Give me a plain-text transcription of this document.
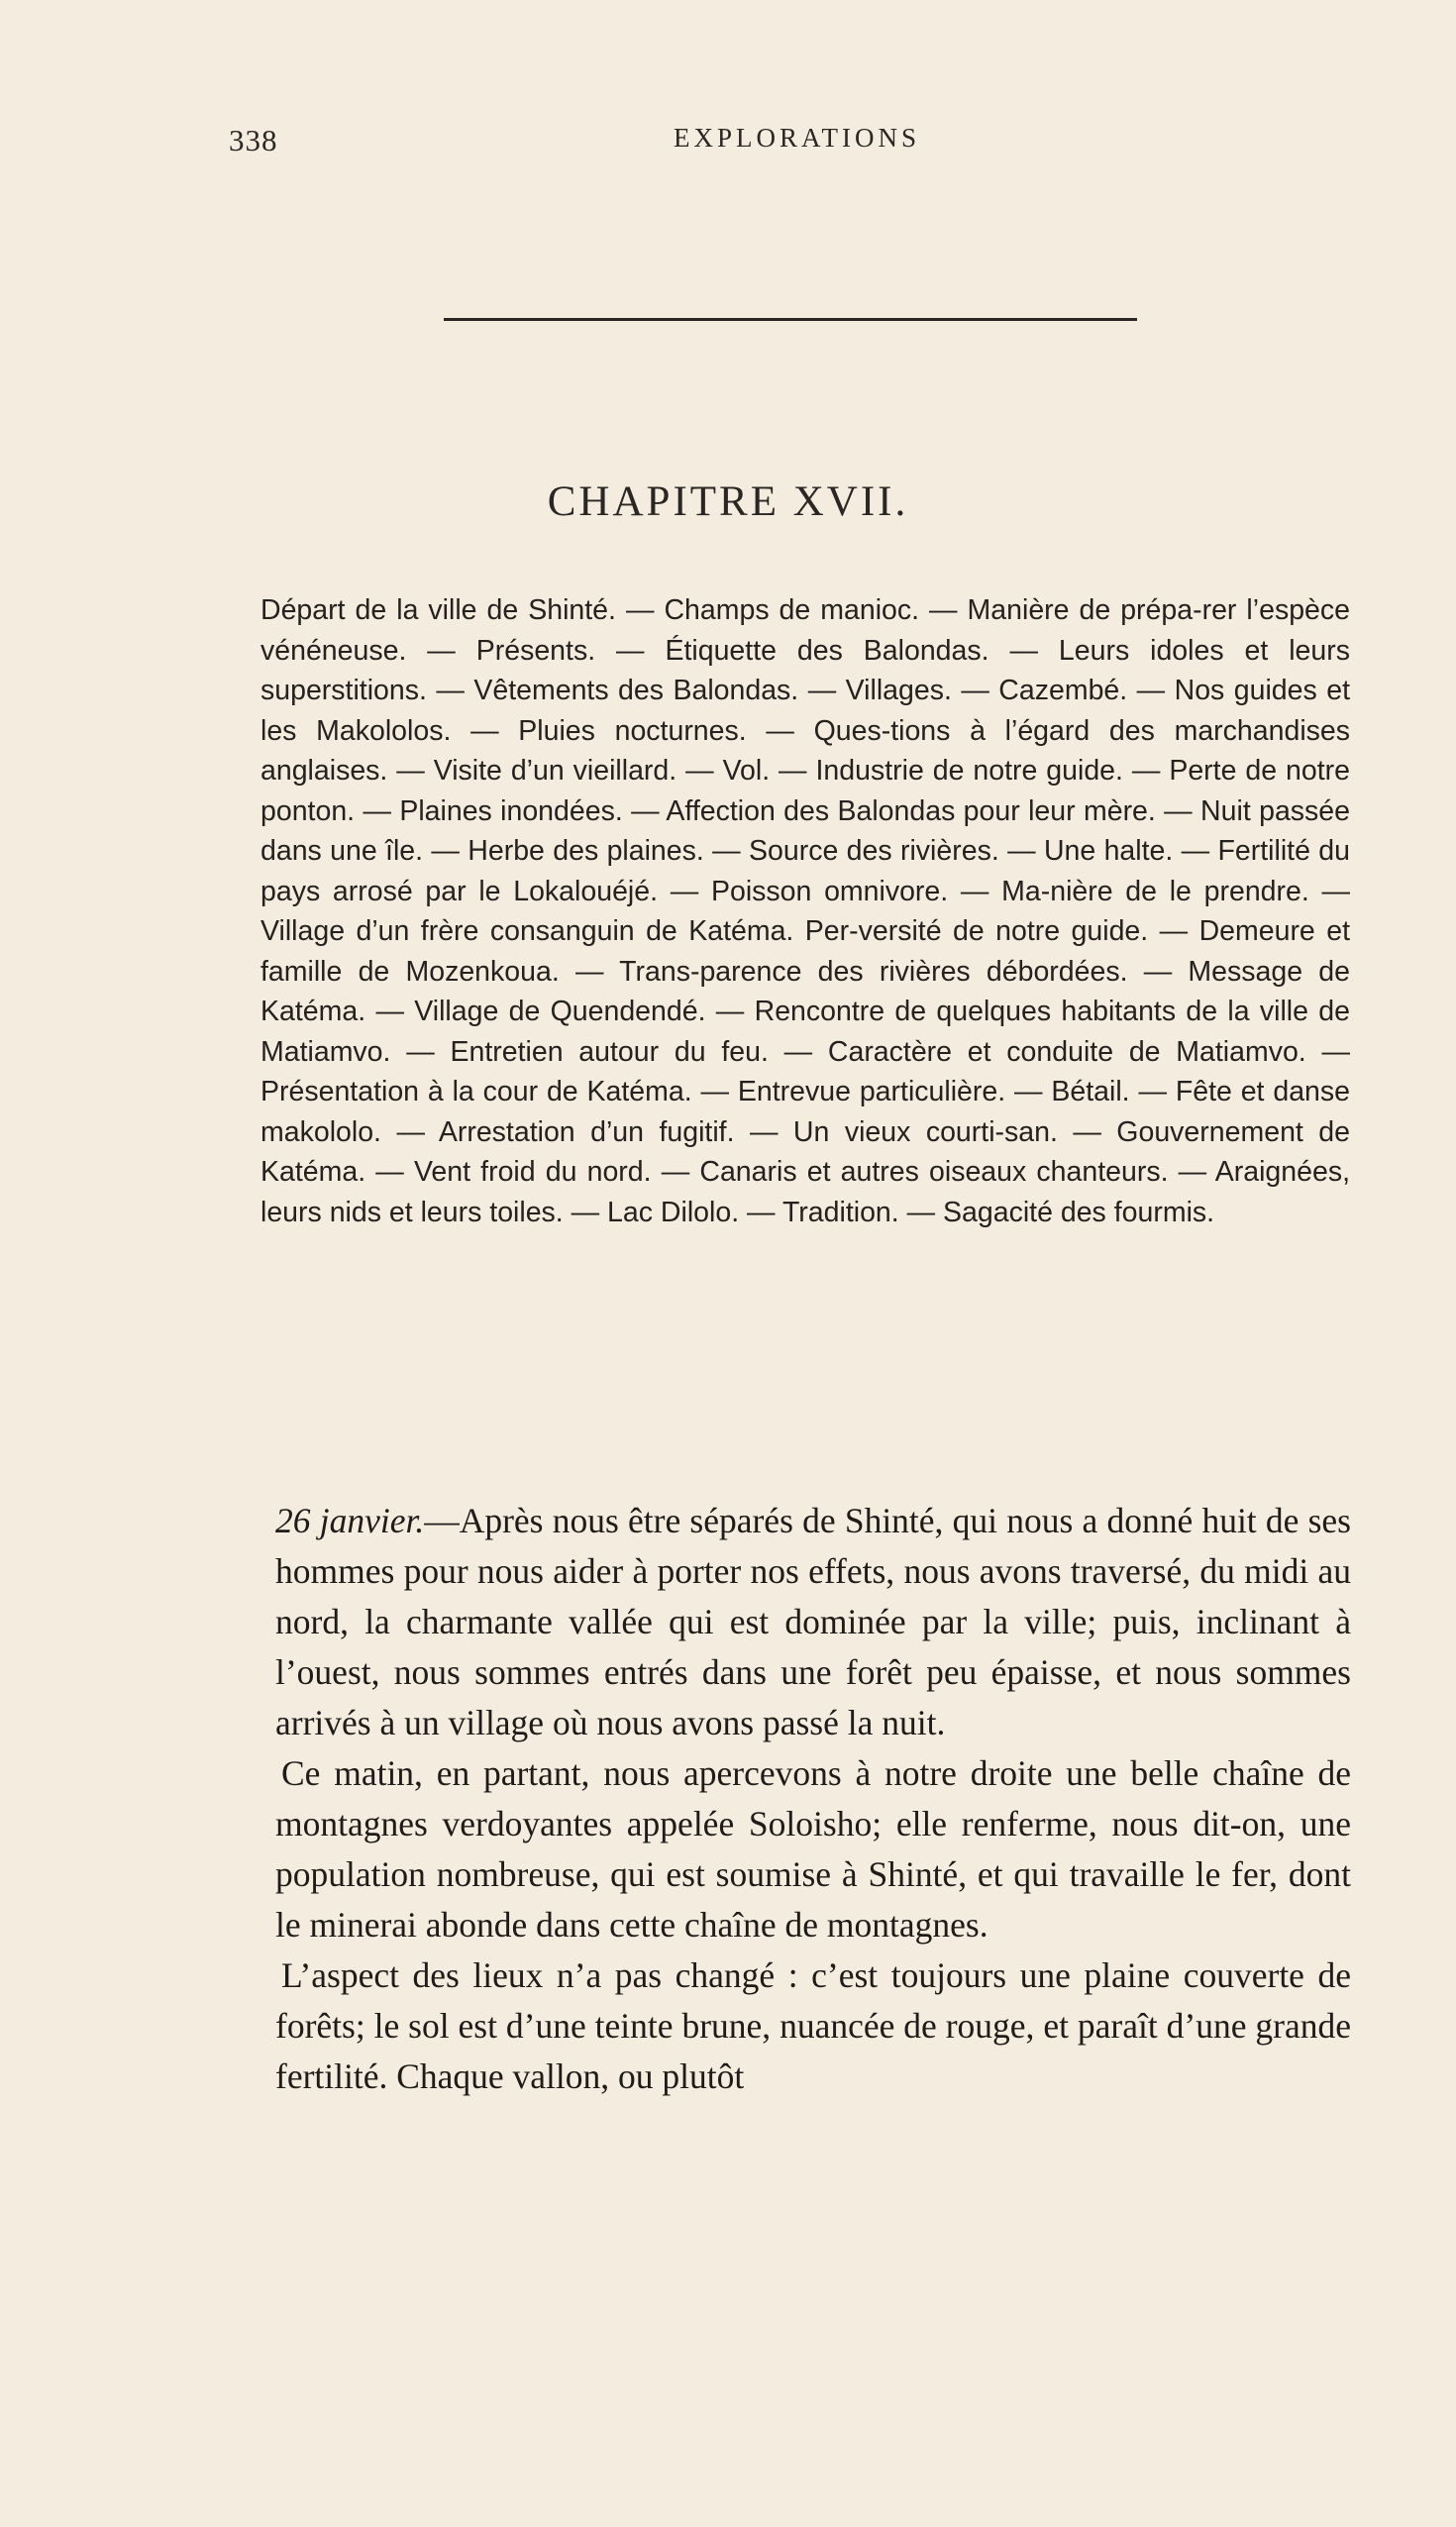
338	EXPLORATIONS
CHAPITRE XVII.
Départ de la ville de Shinté. — Champs de manioc. — Manière de prépa-rer l’espèce vénéneuse. — Présents. — Étiquette des Balondas. — Leurs idoles et leurs superstitions. — Vêtements des Balondas. — Villages. — Cazembé. — Nos guides et les Makololos. — Pluies nocturnes. — Ques-tions à l’égard des marchandises anglaises. — Visite d’un vieillard. — Vol. — Industrie de notre guide. — Perte de notre ponton. — Plaines inondées. — Affection des Balondas pour leur mère. — Nuit passée dans une île. — Herbe des plaines. — Source des rivières. — Une halte. — Fertilité du pays arrosé par le Lokalouéjé. — Poisson omnivore. — Ma-nière de le prendre. — Village d’un frère consanguin de Katéma. Per-versité de notre guide. — Demeure et famille de Mozenkoua. — Trans-parence des rivières débordées. — Message de Katéma. — Village de Quendendé. — Rencontre de quelques habitants de la ville de Matiamvo. — Entretien autour du feu. — Caractère et conduite de Matiamvo. — Présentation à la cour de Katéma. — Entrevue particulière. — Bétail. — Fête et danse makololo. — Arrestation d’un fugitif. — Un vieux courti-san. — Gouvernement de Katéma. — Vent froid du nord. — Canaris et autres oiseaux chanteurs. — Araignées, leurs nids et leurs toiles. — Lac Dilolo. — Tradition. — Sagacité des fourmis.

26 janvier.—Après nous être séparés de Shinté, qui nous a donné huit de ses hommes pour nous aider à porter nos effets, nous avons traversé, du midi au nord, la charmante vallée qui est dominée par la ville; puis, inclinant à l’ouest, nous sommes entrés dans une forêt peu épaisse, et nous sommes arrivés à un village où nous avons passé la nuit.

Ce matin, en partant, nous apercevons à notre droite une belle chaîne de montagnes verdoyantes appelée Soloisho; elle renferme, nous dit-on, une population nombreuse, qui est soumise à Shinté, et qui travaille le fer, dont le minerai abonde dans cette chaîne de montagnes.

L’aspect des lieux n’a pas changé : c’est toujours une plaine couverte de forêts; le sol est d’une teinte brune, nuancée de rouge, et paraît d’une grande fertilité. Chaque vallon, ou plutôt
